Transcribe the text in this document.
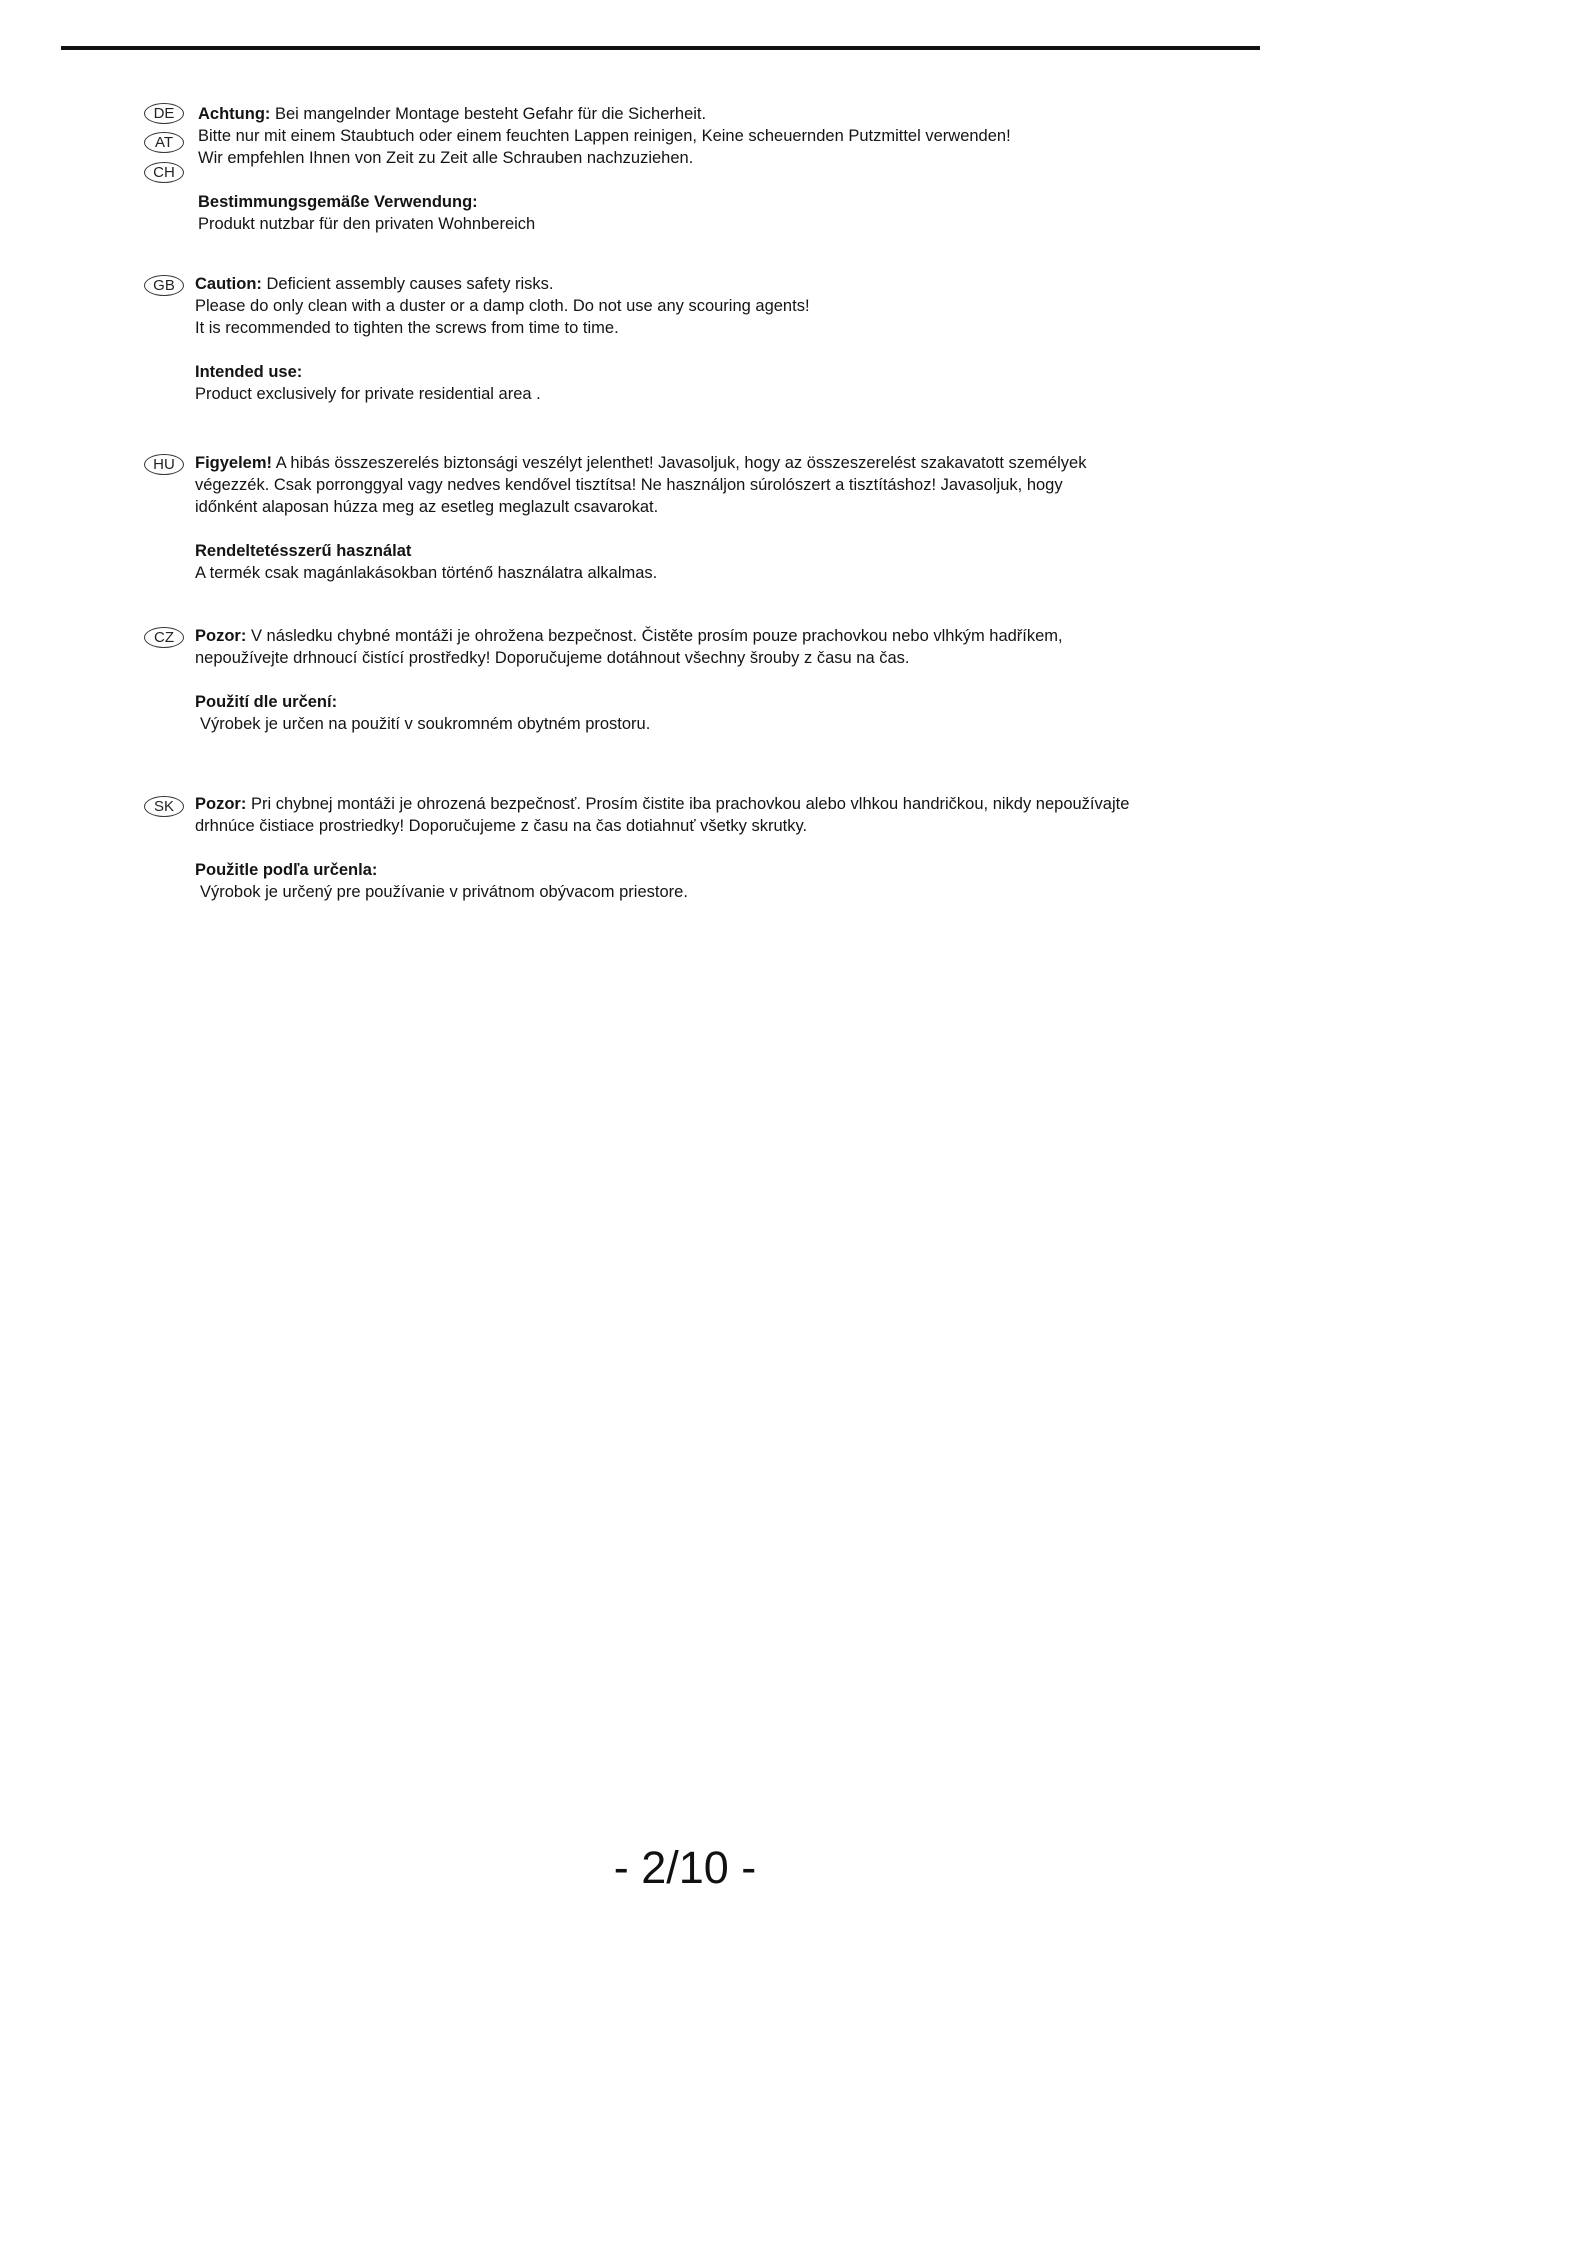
DE
AT
CH
Achtung: Bei mangelnder Montage besteht Gefahr für die Sicherheit.
Bitte nur mit einem Staubtuch oder einem feuchten Lappen reinigen, Keine scheuernden Putzmittel verwenden!
Wir empfehlen Ihnen von Zeit zu Zeit alle Schrauben nachzuziehen.
Bestimmungsgemäße Verwendung:
Produkt nutzbar für den privaten Wohnbereich
GB	Caution: Deficient assembly causes safety risks.
Please do only clean with a duster or a damp cloth. Do not use any scouring agents!
It is recommended to tighten the screws from time to time.
Intended use:
Product exclusively for private residential area .
HU	Figyelem! A hibás összeszerelés biztonsági veszélyt jelenthet! Javasoljuk, hogy az összeszerelést szakavatott személyek
végezzék. Csak porronggyal vagy nedves kendővel tisztítsa! Ne használjon súrolószert a tisztításhoz! Javasoljuk, hogy
időnként alaposan húzza meg az esetleg meglazult csavarokat.
Rendeltetésszerű használat
A termék csak magánlakásokban történő használatra alkalmas.
CZ	Pozor: V následku chybné montáži je ohrožena bezpečnost. Čistěte prosím pouze prachovkou nebo vlhkým hadříkem,
nepoužívejte drhnoucí čistící prostředky! Doporučujeme dotáhnout všechny šrouby z času na čas.
Použití dle určení:
Výrobek je určen na použití v soukromném obytném prostoru.
SK	Pozor: Pri chybnej montáži je ohrozená bezpečnosť. Prosím čistite iba prachovkou alebo vlhkou handričkou, nikdy nepoužívajte
drhnúce čistiace prostriedky! Doporučujeme z času na čas dotiahnuť všetky skrutky.
Použitle podľa určenla:
Výrobok je určený pre používanie v privátnom obývacom priestore.
- 2/10 -
